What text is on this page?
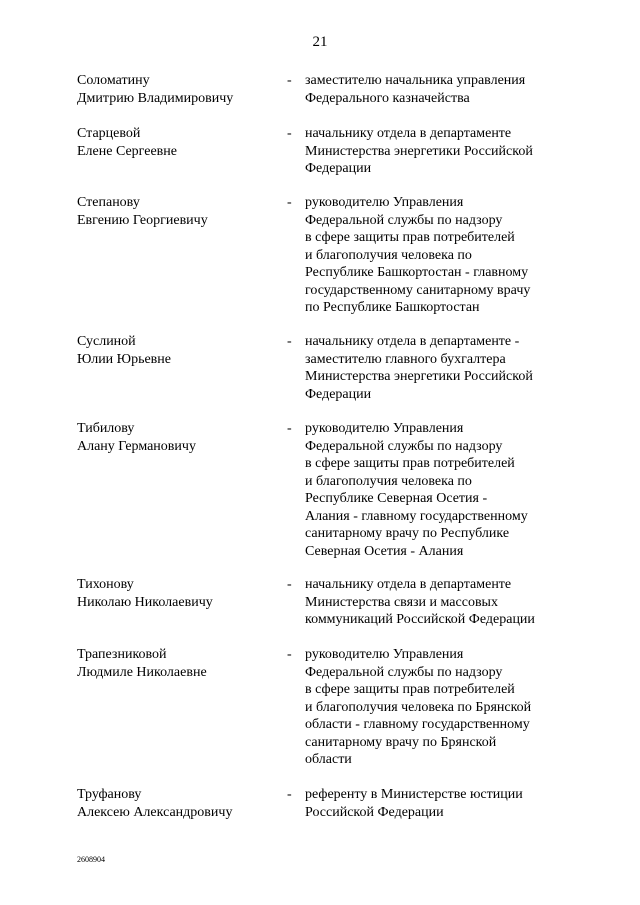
21
Соломатину
Дмитрию Владимировичу
- заместителю начальника управления
Федерального казначейства
Старцевой
Елене Сергеевне
- начальнику отдела в департаменте
Министерства энергетики Российской
Федерации
Степанову
Евгению Георгиевичу
- руководителю Управления
Федеральной службы по надзору
в сфере защиты прав потребителей
и благополучия человека по
Республике Башкортостан - главному
государственному санитарному врачу
по Республике Башкортостан
Суслиной
Юлии Юрьевне
- начальнику отдела в департаменте -
заместителю главного бухгалтера
Министерства энергетики Российской
Федерации
Тибилову
Алану Германовичу
- руководителю Управления
Федеральной службы по надзору
в сфере защиты прав потребителей
и благополучия человека по
Республике Северная Осетия -
Алания - главному государственному
санитарному врачу по Республике
Северная Осетия - Алания
Тихонову
Николаю Николаевичу
- начальнику отдела в департаменте
Министерства связи и массовых
коммуникаций Российской Федерации
Трапезниковой
Людмиле Николаевне
- руководителю Управления
Федеральной службы по надзору
в сфере защиты прав потребителей
и благополучия человека по Брянской
области - главному государственному
санитарному врачу по Брянской
области
Труфанову
Алексею Александровичу
- референту в Министерстве юстиции
Российской Федерации
2608904
